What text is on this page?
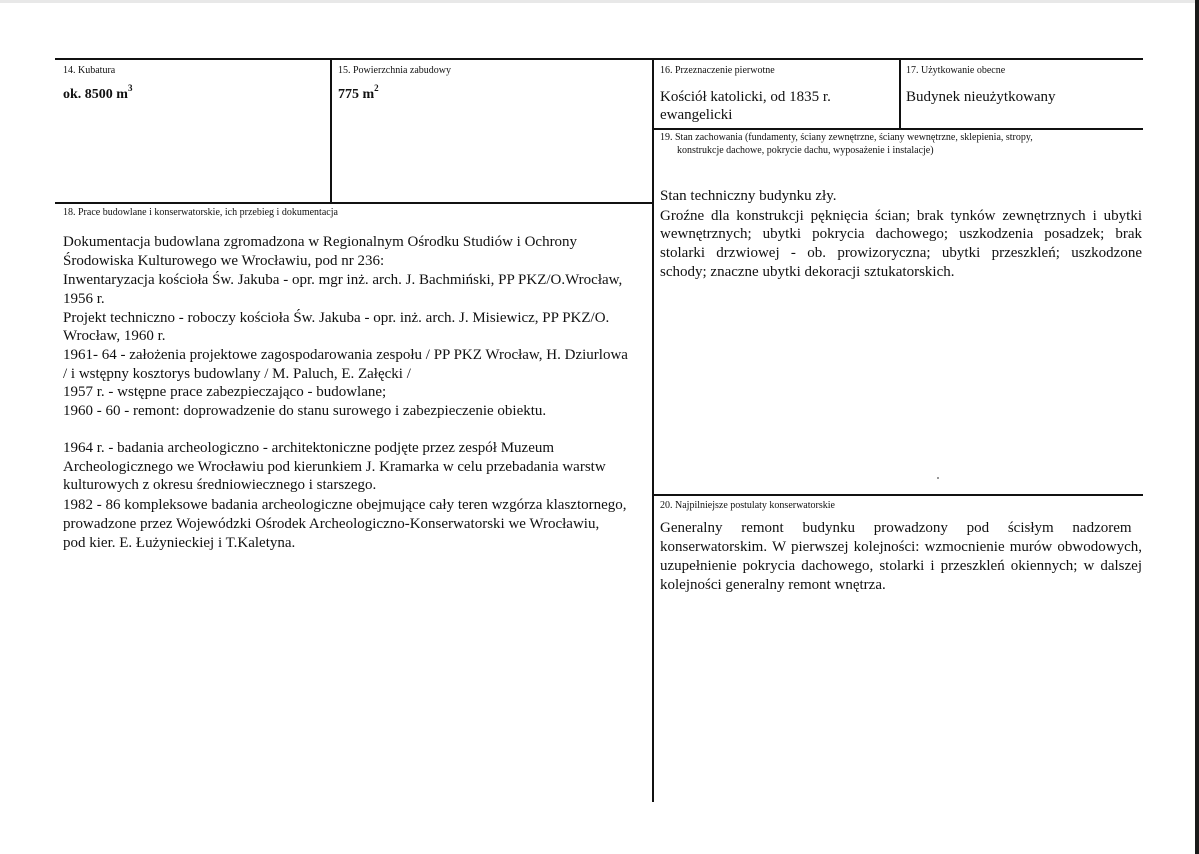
14. Kubatura
ok. 8500 $m^3$
15. Powierzchnia zabudowy
775 $m^2$
16. Przeznaczenie pierwotne
Kościół katolicki, od 1835 r.
ewangelicki
17. Użytkowanie obecne
Budynek nieużytkowany
19. Stan zachowania (fundamenty, ściany zewnętrzne, ściany wewnętrzne, sklepienia, stropy,
konstrukcje dachowe, pokrycie dachu, wyposażenie i instalacje)
Stan techniczny budynku zły.
Groźne dla konstrukcji pęknięcia ścian; brak tynków zewnętrznych i ubytki
wewnętrznych; ubytki pokrycia dachowego; uszkodzenia posadzek; brak
stolarki drzwiowej - ob. prowizoryczna; ubytki przeszkleń; uszkodzone
schody; znaczne ubytki dekoracji sztukatorskich.
18. Prace budowlane i konserwatorskie, ich przebieg i dokumentacja
Dokumentacja budowlana zgromadzona w Regionalnym Ośrodku Studiów i Ochrony
Środowiska Kulturowego we Wrocławiu, pod nr 236:
Inwentaryzacja kościoła Św. Jakuba - opr. mgr inż. arch. J. Bachmiński, PP PKZ/O.Wrocław,
1956 r.
Projekt techniczno - roboczy kościoła Św. Jakuba - opr. inż. arch. J. Misiewicz, PP PKZ/O.
Wrocław, 1960 r.
1961- 64 - założenia projektowe zagospodarowania zespołu / PP PKZ Wrocław, H. Dziurlowa
/ i wstępny kosztorys budowlany / M. Paluch, E. Załęcki /
1957 r. - wstępne prace zabezpieczająco - budowlane;
1960 - 60 - remont: doprowadzenie do stanu surowego i zabezpieczenie obiektu.
1964 r. - badania archeologiczno - architektoniczne podjęte przez zespół Muzeum
Archeologicznego we Wrocławiu pod kierunkiem J. Kramarka w celu przebadania warstw
kulturowych z okresu średniowiecznego i starszego.
1982 - 86 kompleksowe badania archeologiczne obejmujące cały teren wzgórza klasztornego,
prowadzone przez Wojewódzki Ośrodek Archeologiczno-Konserwatorski we Wrocławiu,
pod kier. E. Łużynieckiej i T.Kaletyna.
20. Najpilniejsze postulaty konserwatorskie
Generalny     remont     budynku     prowadzony     pod     ścisłym     nadzorem
konserwatorskim. W pierwszej kolejności: wzmocnienie murów obwodowych,
uzupełnienie pokrycia dachowego, stolarki i przeszkleń okiennych; w dalszej
kolejności generalny remont wnętrza.
